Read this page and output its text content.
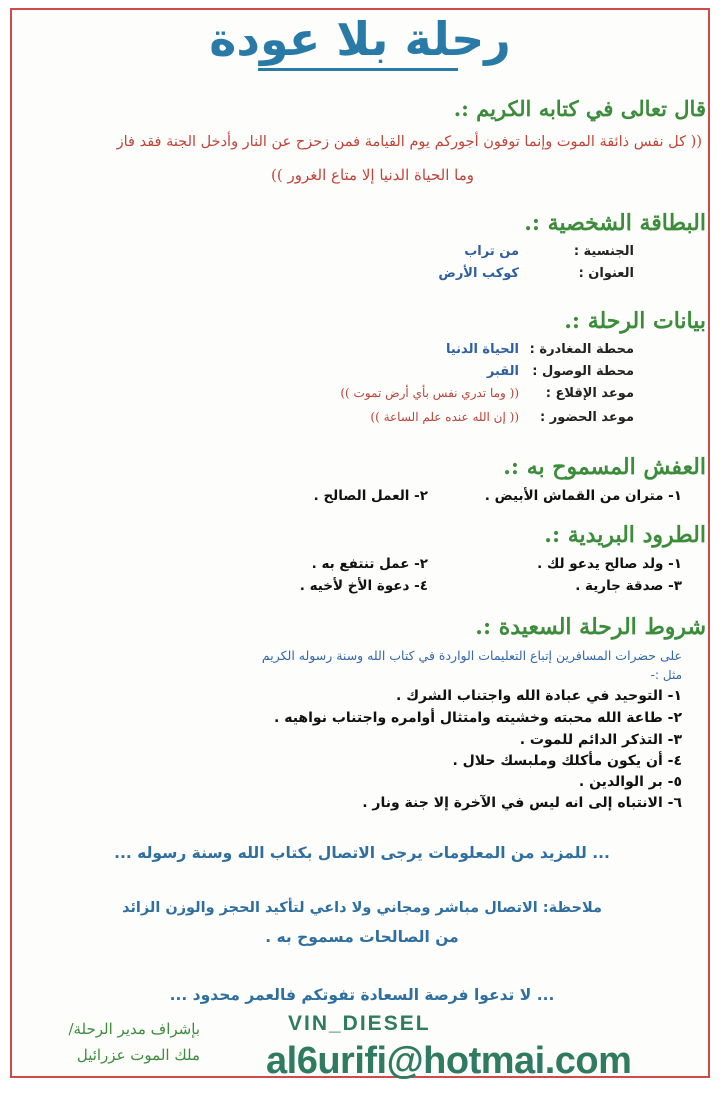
رحلة بلا عودة
قال تعالى في كتابه الكريم :.
(( كل نفس ذائقة الموت وإنما توفون أجوركم يوم القيامة فمن زحزح عن النار وأدخل الجنة فقد فاز
وما الحياة الدنيا إلا متاع الغرور ))
البطاقة الشخصية :.
الجنسية :
من تراب
العنوان :
كوكب الأرض
بيانات الرحلة :.
محطة المغادرة :
الحياة الدنيا
محطة الوصول :
القبر
موعد الإقلاع :
(( وما تدري نفس بأي أرض تموت ))
موعد الحضور :
(( إن الله عنده علم الساعة ))
العفش المسموح به :.
١- متران من القماش الأبيض .
٢- العمل الصالح .
الطرود البريدية :.
١- ولد صالح يدعو لك .
٢- عمل تنتفع به .
٣- صدقة جارية .
٤- دعوة الأخ لأخيه .
شروط الرحلة السعيدة :.
على حضرات المسافرين إتباع التعليمات الواردة في كتاب الله وسنة رسوله الكريم
مثل :-
١- التوحيد في عبادة الله واجتناب الشرك .
٢- طاعة الله محبته وخشيته وامتثال أوامره واجتناب نواهيه .
٣- التذكر الدائم للموت .
٤- أن يكون مأكلك وملبسك حلال .
٥- بر الوالدين .
٦- الانتباه إلى انه ليس في الآخرة إلا جنة ونار .
... للمزيد من المعلومات يرجى الاتصال بكتاب الله وسنة رسوله ...
ملاحظة: الاتصال مباشر ومجاني ولا داعي لتأكيد الحجز والوزن الزائد
من الصالحات مسموح به .
... لا تدعوا فرصة السعادة تفوتكم فالعمر محدود ...
بإشراف مدير الرحلة/
ملك الموت عزرائيل
VIN_DIESEL
al6urifi@hotmai.com
